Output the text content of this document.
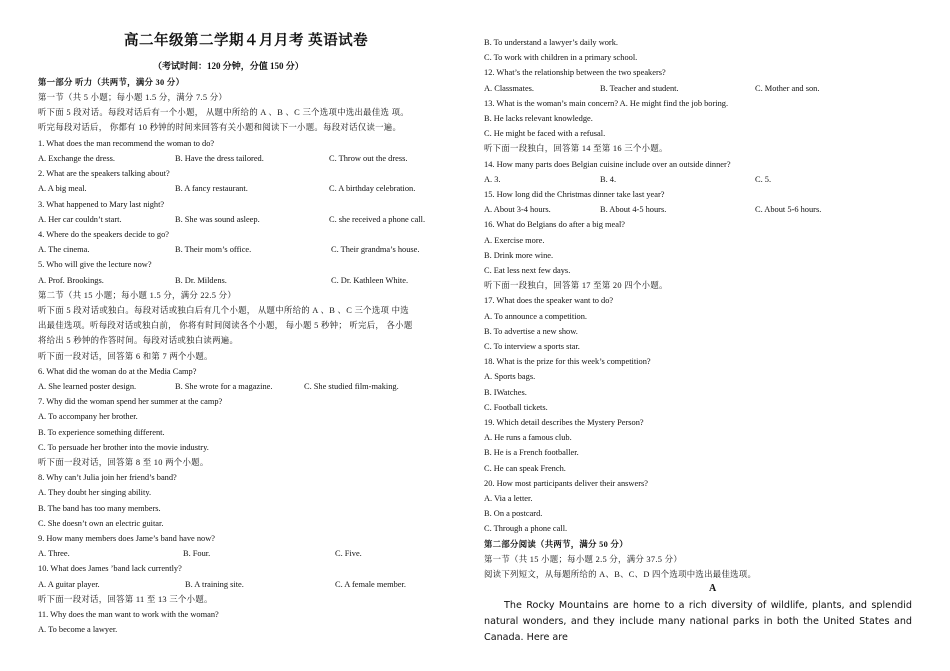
高二年级第二学期４月月考 英语试卷
（考试时间：120 分钟，分值 150 分）
第一部分 听力（共两节，满分 30 分）
第一节（共 5 小题；每小题 1.5 分，满分 7.5 分）
听下面 5 段对话。每段对话后有一个小题， 从题中所给的 A 、B 、C 三个选项中选出最佳选 项。
听完每段对话后， 你都有 10 秒钟的时间来回答有关小题和阅读下一小题。每段对话仅读一遍。
1. What does the man recommend the woman to do?
A. Exchange the dress.	B. Have the dress tailored.	C. Throw out the dress.
2. What are the speakers talking about?
A. A big meal.	B. A fancy restaurant.	C. A birthday celebration.
3. What happened to Mary last night?
A. Her car couldn’t start.	B. She was sound asleep.	C. she received a phone call.
4. Where do the speakers decide to go?
A. The cinema.	B. Their mom’s office.	C. Their grandma’s house.
5. Who will give the lecture now?
A. Prof. Brookings.	B. Dr. Mildens.	C. Dr. Kathleen White.
第二节（共 15 小题；每小题 1.5 分，满分 22.5 分）
听下面 5 段对话或独白。每段对话或独白后有几个小题， 从题中所给的 A 、B 、C 三个选项 中选
出最佳选项。听每段对话或独白前， 你将有时间阅读各个小题， 每小题 5 秒钟； 听完后， 各小题
将给出 5 秒钟的作答时间。每段对话或独白读两遍。
听下面一段对话，回答第 6 和第 7 两个小题。
6. What did the woman do at the Media Camp?
A. She learned poster design.	B. She wrote for a magazine.	C. She studied film-making.
7. Why did the woman spend her summer at the camp?
A. To accompany her brother.
B. To experience something different.
C. To persuade her brother into the movie industry.
听下面一段对话，回答第 8 至 10 两个小题。
8. Why can’t Julia join her friend’s band?
A. They doubt her singing ability.
B. The band has too many members.
C. She doesn’t own an electric guitar.
9. How many members does Jame’s band have now?
A. Three.	B. Four.	C. Five.
10. What does James ’band lack currently?
A. A guitar player.	B. A training site.	C. A female member.
听下面一段对话，回答第 11 至 13 三个小题。
11. Why does the man want to work with the woman?
A. To become a lawyer.
B. To understand a lawyer’s daily work.
C. To work with children in a primary school.
12. What’s the relationship between the two speakers?
A. Classmates.	B. Teacher and student.	C. Mother and son.
13. What is the woman’s main concern? A. He might find the job boring.
B. He lacks relevant knowledge.
C. He might be faced with a refusal.
听下面一段独白，回答第 14 至第 16 三个小题。
14. How many parts does Belgian cuisine include over an outside dinner?
A. 3.	B. 4.	C. 5.
15. How long did the Christmas dinner take last year?
A. About 3-4 hours.	B. About 4-5 hours.	C. About 5-6 hours.
16. What do Belgians do after a big meal?
A. Exercise more.
B. Drink more wine.
C. Eat less next few days.
听下面一段独白，回答第 17 至第 20 四个小题。
17. What does the speaker want to do?
A. To announce a competition.
B. To advertise a new show.
C. To interview a sports star.
18. What is the prize for this week’s competition?
A. Sports bags.
B. IWatches.
C. Football tickets.
19. Which detail describes the Mystery Person?
A. He runs a famous club.
B. He is a French footballer.
C. He can speak French.
20. How most participants deliver their answers?
A. Via a letter.
B. On a postcard.
C. Through a phone call.
第二部分阅读（共两节，满分 50 分）
第一节（共 15 小题；每小题 2.5 分，满分 37.5 分）
阅读下列短文，从每题所给的 A、B、C、D 四个选项中选出最佳选项。
A
The Rocky Mountains are home to a rich diversity of wildlife, plants, and splendid natural wonders, and they include many national parks in both the United States and Canada. Here are
